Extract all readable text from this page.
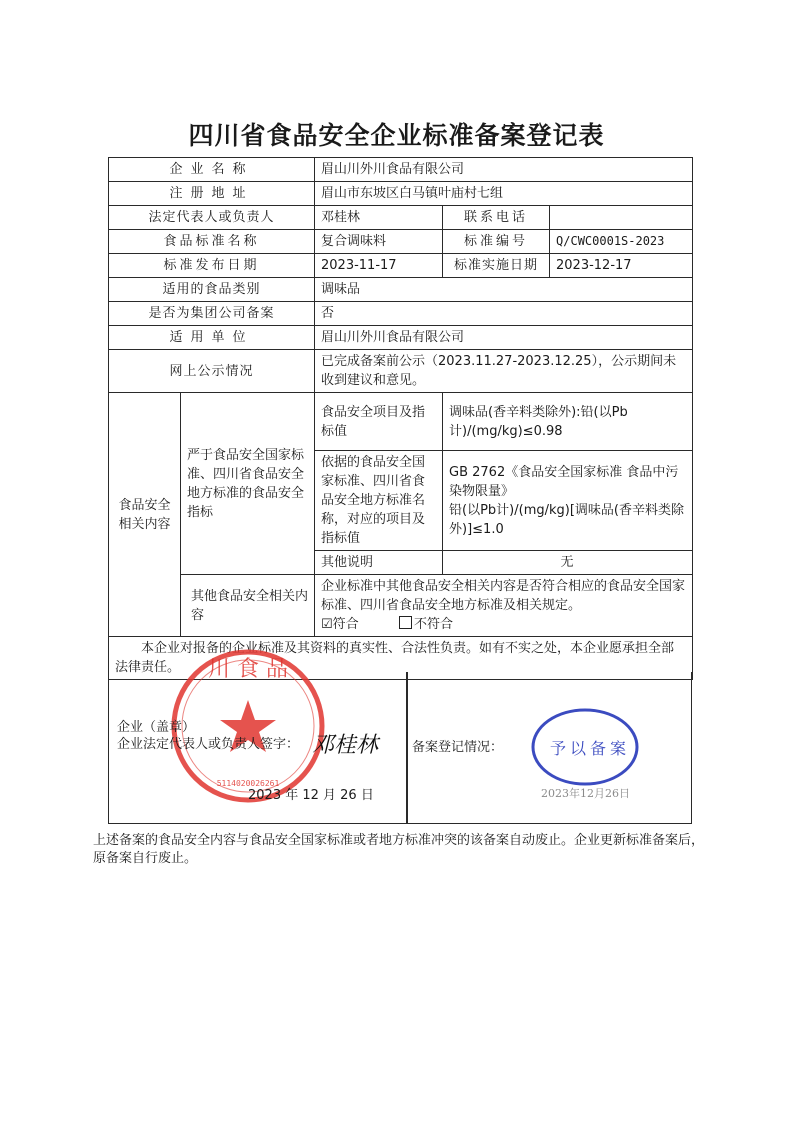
四川省食品安全企业标准备案登记表
企业名称		眉山川外川食品有限公司		
注册地址		眉山市东坡区白马镇叶庙村七组		
法定代表人或负责人		邓桂林	联系电话	
食品标准名称		复合调味料	标准编号	Q/CWC0001S-2023
标准发布日期		2023-11-17	标准实施日期	2023-12-17
适用的食品类别		调味品		
是否为集团公司备案		否		
适用单位		眉山川外川食品有限公司		
网上公示情况		已完成备案前公示（2023.11.27-2023.12.25），公示期间未收到建议和意见。		
食品安全相关内容	严于食品安全国家标准、四川省食品安全地方标准的食品安全指标	食品安全项目及指标值	调味品(香辛料类除外):铅(以Pb计)/(mg/kg)≤0.98	
		依据的食品安全国家标准、四川省食品安全地方标准名称，对应的项目及指标值	GB 2762《食品安全国家标准 食品中污染物限量》
铅(以Pb计)/(mg/kg)[调味品(香辛料类除外)]≤1.0	

		其他说明	无	
	其他食品安全相关内容	企业标准中其他食品安全相关内容是否符合相应的食品安全国家标准、四川省食品安全地方标准及相关规定。
☑符合 不符合		

本企业对报备的企业标准及其资料的真实性、合法性负责。如有不实之处，本企业愿承担全部法律责任。				川 食 品
5114020026261
企业（盖章）
企业法定代表人或负责人签字： 邓桂林
2023 年 12 月 26 日
备案登记情况：	予以备案
2023年12月26日
上述备案的食品安全内容与食品安全国家标准或者地方标准冲突的该备案自动废止。企业更新标准备案后，原备案自行废止。
